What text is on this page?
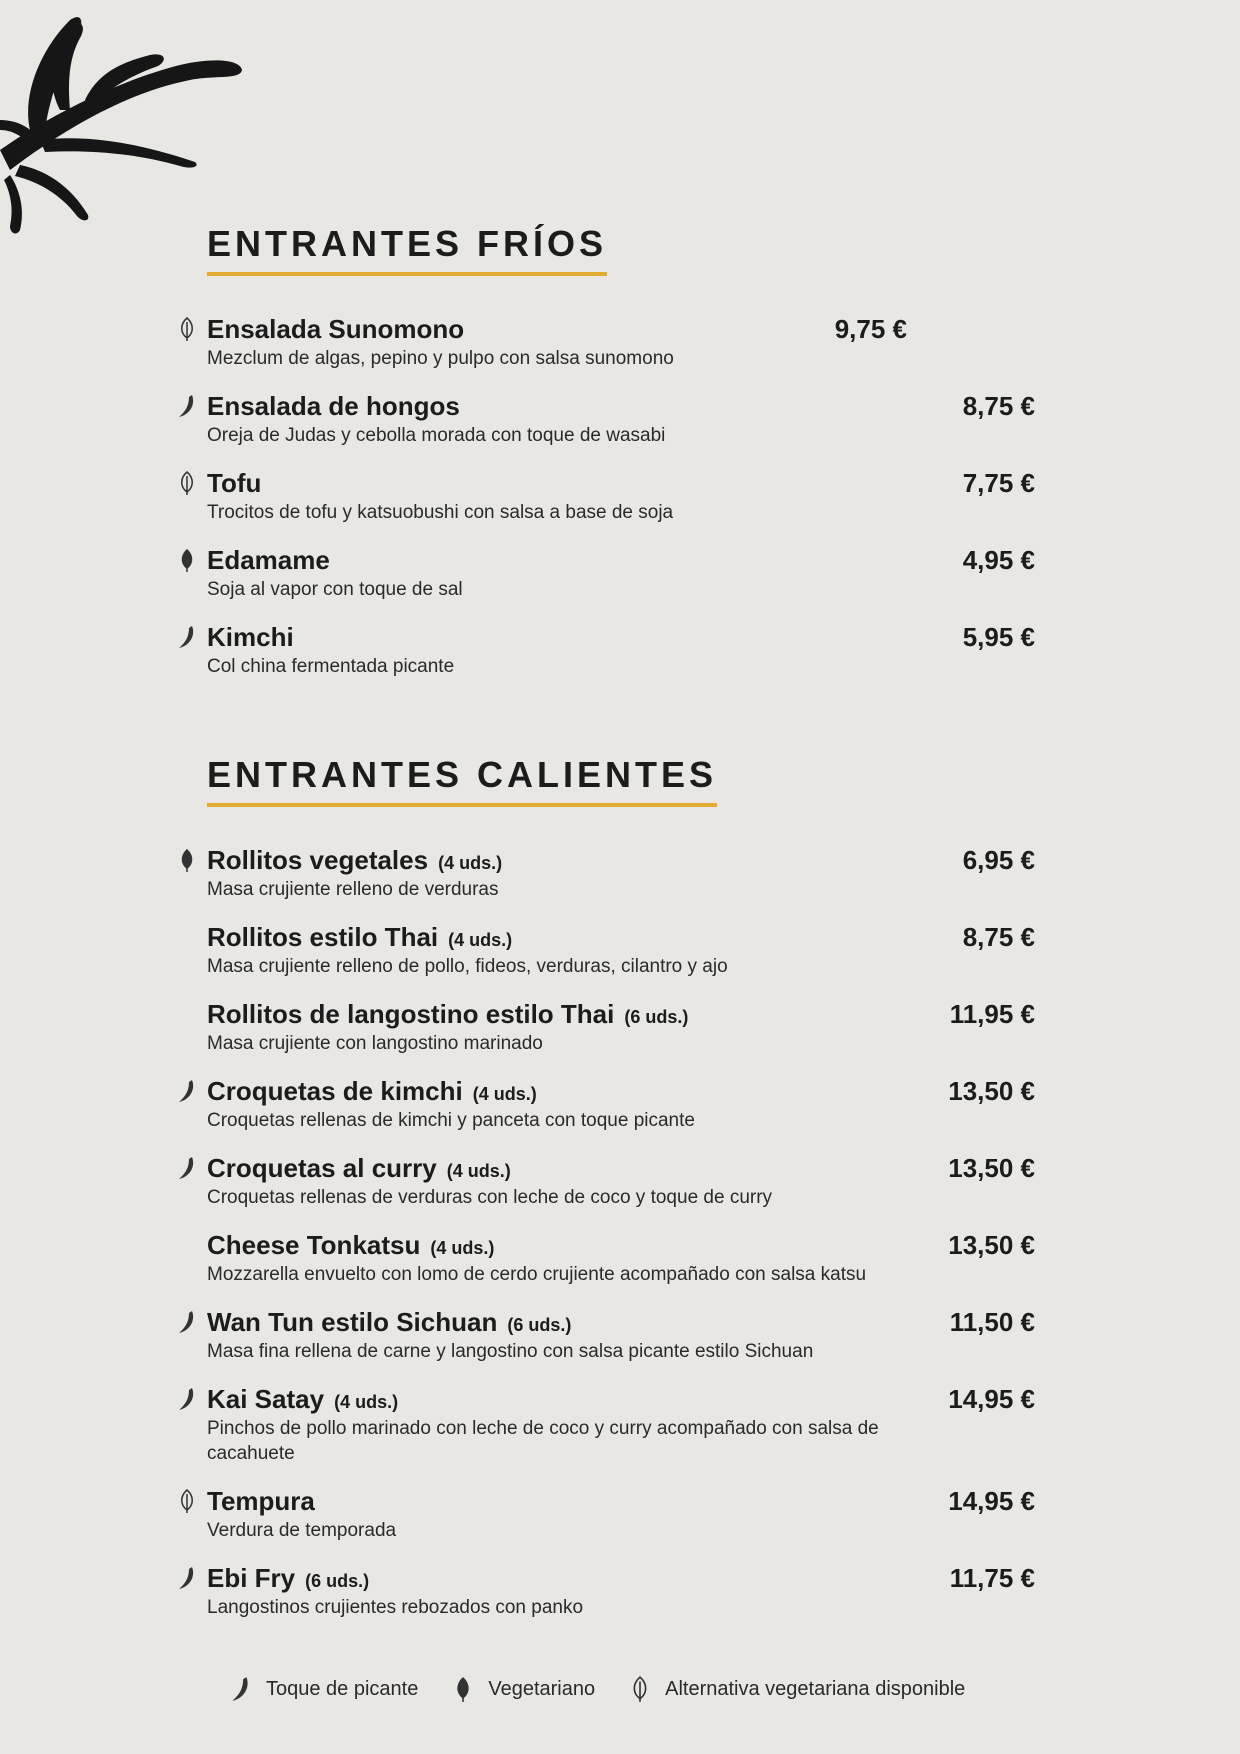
ENTRANTES FRÍOS
Ensalada Sunomono	9,75 €
Mezclum de algas, pepino y pulpo con salsa sunomono
Ensalada de hongos	8,75 €
Oreja de Judas y cebolla morada con toque de wasabi
Tofu	7,75 €
Trocitos de tofu y katsuobushi con salsa a base de soja
Edamame	4,95 €
Soja al vapor con toque de sal
Kimchi	5,95 €
Col china fermentada picante
ENTRANTES CALIENTES
Rollitos vegetales (4 uds.)	6,95 €
Masa crujiente relleno de verduras
Rollitos estilo Thai (4 uds.)	8,75 €
Masa crujiente relleno de pollo, fideos, verduras, cilantro y ajo
Rollitos de langostino estilo Thai (6 uds.)	11,95 €
Masa crujiente con langostino marinado
Croquetas de kimchi (4 uds.)	13,50 €
Croquetas rellenas de kimchi y panceta con toque picante
Croquetas al curry (4 uds.)	13,50 €
Croquetas rellenas de verduras con leche de coco y toque de curry
Cheese Tonkatsu (4 uds.)	13,50 €
Mozzarella envuelto con lomo de cerdo crujiente acompañado con salsa katsu
Wan Tun estilo Sichuan (6 uds.)	11,50 €
Masa fina rellena de carne y langostino con salsa picante estilo Sichuan
Kai Satay (4 uds.)	14,95 €
Pinchos de pollo marinado con leche de coco y curry acompañado con salsa de cacahuete
Tempura	14,95 €
Verdura de temporada
Ebi Fry (6 uds.)	11,75 €
Langostinos crujientes rebozados con panko
Toque de picante	Vegetariano	Alternativa vegetariana disponible
